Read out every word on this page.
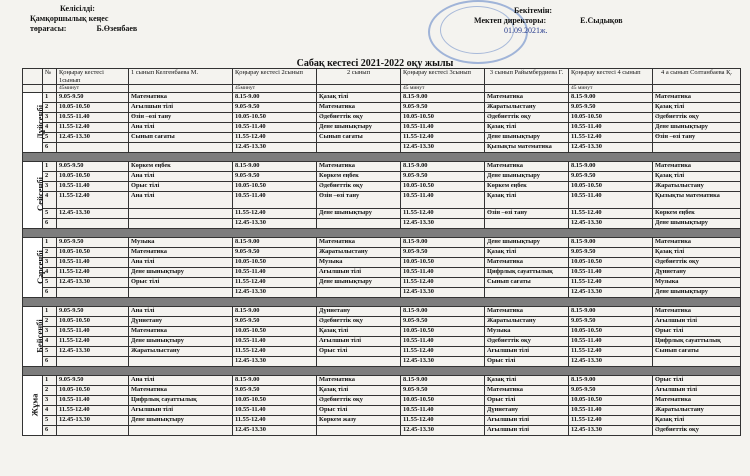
Келісілді:
Қамқоршылық кеңес
төрағасы:	Б.Өзенбаев
Бекітемін:
Мектеп директоры:	Е.Сыдықов
01.09.2021ж.
Сабақ кестесі 2021-2022 оқу жылы
	№	Қоңырау кестесі 1сынып	1 сынып Келгенбаева М.	Қоңырау кестесі 2сынып	2 сынып	Қоңырау кестесі 3сынып	3 сынып Райымбердиева Г.	Қоңырау кестесі 4 сынып	4 а сынып Солтанбаева Қ.
		45минут		45минут		45 минут		45 минут	
Дүйсенбі	1	9.05-9.50	Математика	8.15-9.00	Қазақ тілі	8.15-9.00	Математика	8.15-9.00	Математика
	2	10.05-10.50	Ағылшын тілі	9.05-9.50	Математика	9.05-9.50	Жаратылыстану	9.05-9.50	Қазақ тілі
	3	10.55-11.40	Өзін –өзі тану	10.05-10.50	Әдебиеттік оқу	10.05-10.50	Әдебиеттік оқу	10.05-10.50	Әдебиеттік оқу
	4	11.55-12.40	Ана тілі	10.55-11.40	Дене шынықтыру	10.55-11.40	Қазақ тілі	10.55-11.40	Дене шынықтыру
	5	12.45-13.30	Сынып сағаты	11.55-12.40	Сынып сағаты	11.55-12.40	Дене шынықтыру	11.55-12.40	Өзін –өзі тану
	6			12.45-13.30		12.45-13.30	Қызықты математика	12.45-13.30	

Сейсенбі	1	9.05-9.50	Көркем еңбек	8.15-9.00	Математика	8.15-9.00	Математика	8.15-9.00	Математика
	2	10.05-10.50	Ана тілі	9.05-9.50	Көркем еңбек	9.05-9.50	Дене шынықтыру	9.05-9.50	Қазақ тілі
	3	10.55-11.40	Орыс тілі	10.05-10.50	Әдебиеттік оқу	10.05-10.50	Көркем еңбек	10.05-10.50	Жаратылыстану
	4	11.55-12.40	Ана тілі	10.55-11.40	Өзін –өзі тану	10.55-11.40	Қазақ тілі	10.55-11.40	Қызықты математика
	5	12.45-13.30		11.55-12.40	Дене шынықтыру	11.55-12.40	Өзін –өзі тану	11.55-12.40	Көркем еңбек
	6			12.45-13.30		12.45-13.30		12.45-13.30	Дене шынықтыру

Сәрсенбі	1	9.05-9.50	Музыка	8.15-9.00	Математика	8.15-9.00	Дене шынықтыру	8.15-9.00	Математика
	2	10.05-10.50	Математика	9.05-9.50	Жаратылыстану	9.05-9.50	Қазақ тілі	9.05-9.50	Қазақ тілі
	3	10.55-11.40	Ана тілі	10.05-10.50	Музыка	10.05-10.50	Математика	10.05-10.50	Әдебиеттік оқу
	4	11.55-12.40	Дене шынықтыру	10.55-11.40	Ағылшын тілі	10.55-11.40	Цифрлық сауаттылық	10.55-11.40	Дүниетану
	5	12.45-13.30	Орыс тілі	11.55-12.40	Дене шынықтыру	11.55-12.40	Сынып сағаты	11.55-12.40	Музыка
	6			12.45-13.30		12.45-13.30		12.45-13.30	Дене шынықтыру

Бейсенбі	1	9.05-9.50	Ана тілі	8.15-9.00	Дүниетану	8.15-9.00	Математика	8.15-9.00	Математика
	2	10.05-10.50	Дүниетану	9.05-9.50	Әдебиеттік оқу	9.05-9.50	Жаратылыстану	9.05-9.50	Ағылшын тілі
	3	10.55-11.40	Математика	10.05-10.50	Қазақ тілі	10.05-10.50	Музыка	10.05-10.50	Орыс тілі
	4	11.55-12.40	Дене шынықтыру	10.55-11.40	Ағылшын тілі	10.55-11.40	Әдебиеттік оқу	10.55-11.40	Цифрлық сауаттылық
	5	12.45-13.30	Жаратылыстану	11.55-12.40	Орыс тілі	11.55-12.40	Ағылшын тілі	11.55-12.40	Сынып сағаты
	6			12.45-13.30		12.45-13.30	Орыс тілі	12.45-13.30	

Жұма	1	9.05-9.50	Ана тілі	8.15-9.00	Математика	8.15-9.00	Қазақ тілі	8.15-9.00	Орыс тілі
	2	10.05-10.50	Математика	9.05-9.50	Қазақ тілі	9.05-9.50	Математика	9.05-9.50	Ағылшын тілі
	3	10.55-11.40	Цифрлық сауаттылық	10.05-10.50	Әдебиеттік оқу	10.05-10.50	Орыс тілі	10.05-10.50	Математика
	4	11.55-12.40	Ағылшын тілі	10.55-11.40	Орыс тілі	10.55-11.40	Дүниетану	10.55-11.40	Жаратылыстану
	5	12.45-13.30	Дене шынықтыру	11.55-12.40	Көркем жазу	11.55-12.40	Ағылшын тілі	11.55-12.40	Қазақ тілі
	6			12.45-13.30		12.45-13.30	Ағылшын тілі	12.45-13.30	Әдебиеттік оқу
